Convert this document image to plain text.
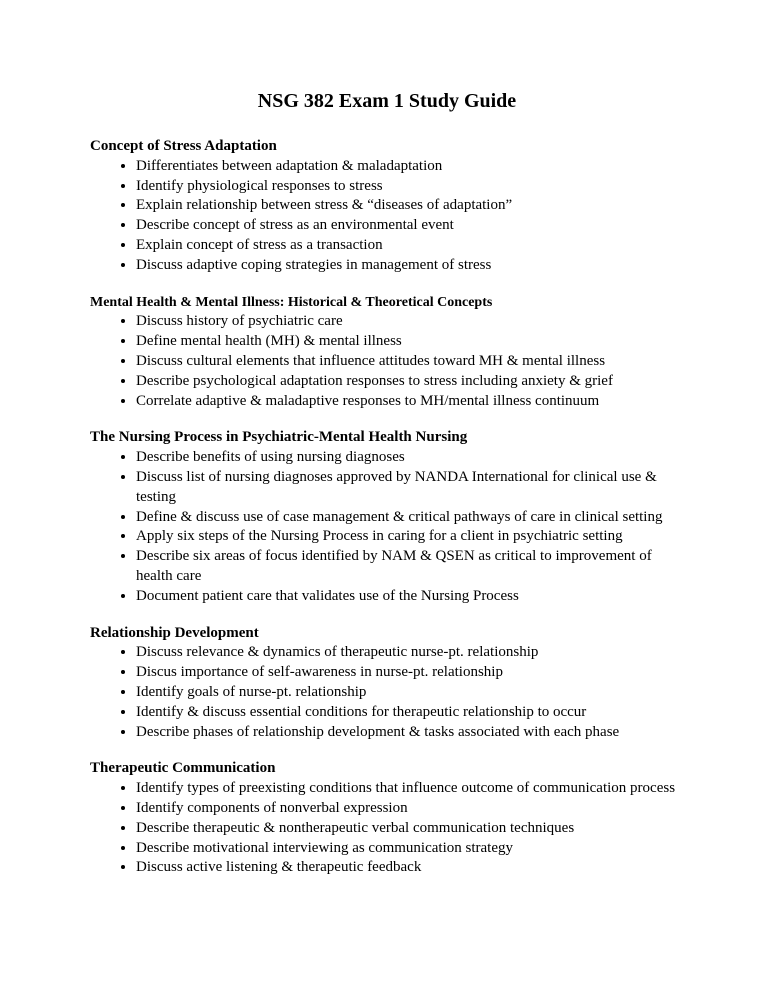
NSG 382 Exam 1 Study Guide
Concept of Stress Adaptation
• Differentiates between adaptation & maladaptation
• Identify physiological responses to stress
• Explain relationship between stress & “diseases of adaptation”
• Describe concept of stress as an environmental event
• Explain concept of stress as a transaction
• Discuss adaptive coping strategies in management of stress
Mental Health & Mental Illness: Historical & Theoretical Concepts
• Discuss history of psychiatric care
• Define mental health (MH) & mental illness
• Discuss cultural elements that influence attitudes toward MH & mental illness
• Describe psychological adaptation responses to stress including anxiety & grief
• Correlate adaptive & maladaptive responses to MH/mental illness continuum
The Nursing Process in Psychiatric-Mental Health Nursing
• Describe benefits of using nursing diagnoses
• Discuss list of nursing diagnoses approved by NANDA International for clinical use & testing
• Define & discuss use of case management & critical pathways of care in clinical setting
• Apply six steps of the Nursing Process in caring for a client in psychiatric setting
• Describe six areas of focus identified by NAM & QSEN as critical to improvement of health care
• Document patient care that validates use of the Nursing Process
Relationship Development
• Discuss relevance & dynamics of therapeutic nurse-pt. relationship
• Discus importance of self-awareness in nurse-pt. relationship
• Identify goals of nurse-pt. relationship
• Identify & discuss essential conditions for therapeutic relationship to occur
• Describe phases of relationship development & tasks associated with each phase
Therapeutic Communication
• Identify types of preexisting conditions that influence outcome of communication process
• Identify components of nonverbal expression
• Describe therapeutic & nontherapeutic verbal communication techniques
• Describe motivational interviewing as communication strategy
• Discuss active listening & therapeutic feedback
